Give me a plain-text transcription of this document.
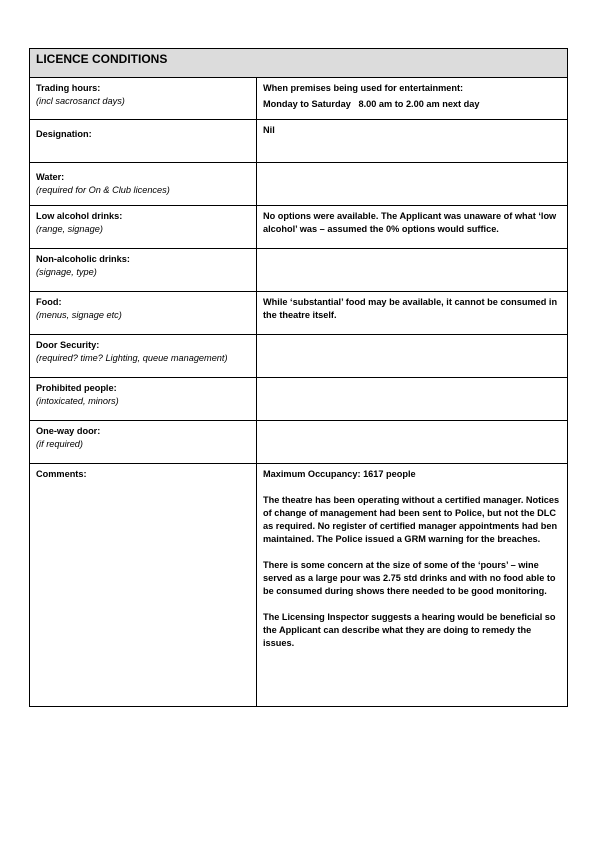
LICENCE CONDITIONS	

Trading hours:
(incl sacrosanct days)	When premises being used for entertainment:
Monday to Saturday   8.00 am to 2.00 am next day

Designation:	Nil

Water:
(required for On & Club licences)	

Low alcohol drinks:
(range, signage)	No options were available. The Applicant was unaware of what ‘low alcohol’ was – assumed the 0% options would suffice.

Non-alcoholic drinks:
(signage, type)	

Food:
(menus, signage etc)	While ‘substantial’ food may be available, it cannot be consumed in the theatre itself.

Door Security:
(required? time? Lighting, queue management)	

Prohibited people:
(intoxicated, minors)	

One-way door:
(if required)	

Comments:	Maximum Occupancy: 1617 people

The theatre has been operating without a certified manager. Notices of change of management had been sent to Police, but not the DLC as required. No register of certified manager appointments had ben maintained. The Police issued a GRM warning for the breaches.

There is some concern at the size of some of the ‘pours’ – wine served as a large pour was 2.75 std drinks and with no food able to be consumed during shows there needed to be good monitoring.

The Licensing Inspector suggests a hearing would be beneficial so the Applicant can describe what they are doing to remedy the issues.
